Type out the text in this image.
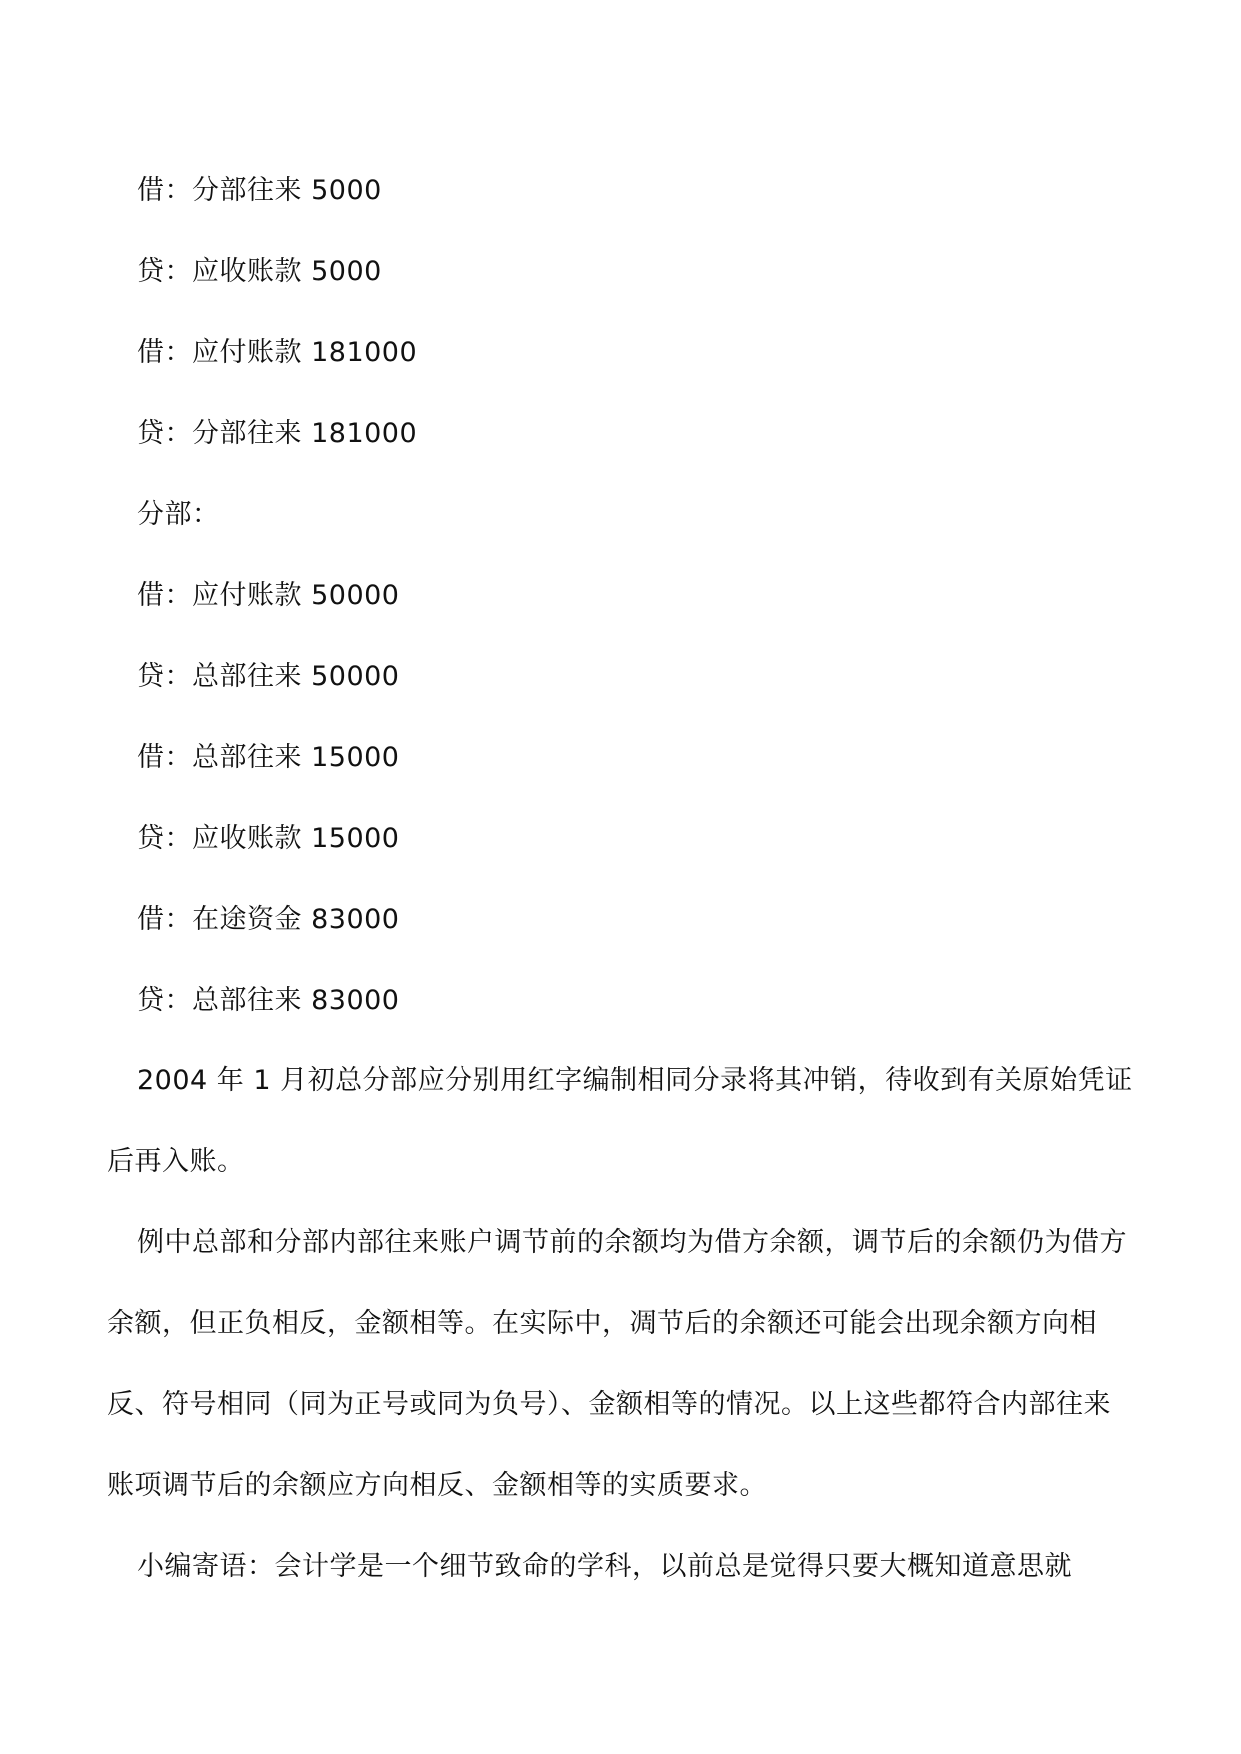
借：分部往来 5000
贷：应收账款 5000
借：应付账款 181000
贷：分部往来 181000
分部：
借：应付账款 50000
贷：总部往来 50000
借：总部往来 15000
贷：应收账款 15000
借：在途资金 83000
贷：总部往来 83000

2004 年 1 月初总分部应分别用红字编制相同分录将其冲销，待收到有关原始凭证后再入账。

例中总部和分部内部往来账户调节前的余额均为借方余额，调节后的余额仍为借方余额，但正负相反，金额相等。在实际中，凋节后的余额还可能会出现余额方向相反、符号相同（同为正号或同为负号）、金额相等的情况。以上这些都符合内部往来账项调节后的余额应方向相反、金额相等的实质要求。

小编寄语：会计学是一个细节致命的学科，以前总是觉得只要大概知道意思就
